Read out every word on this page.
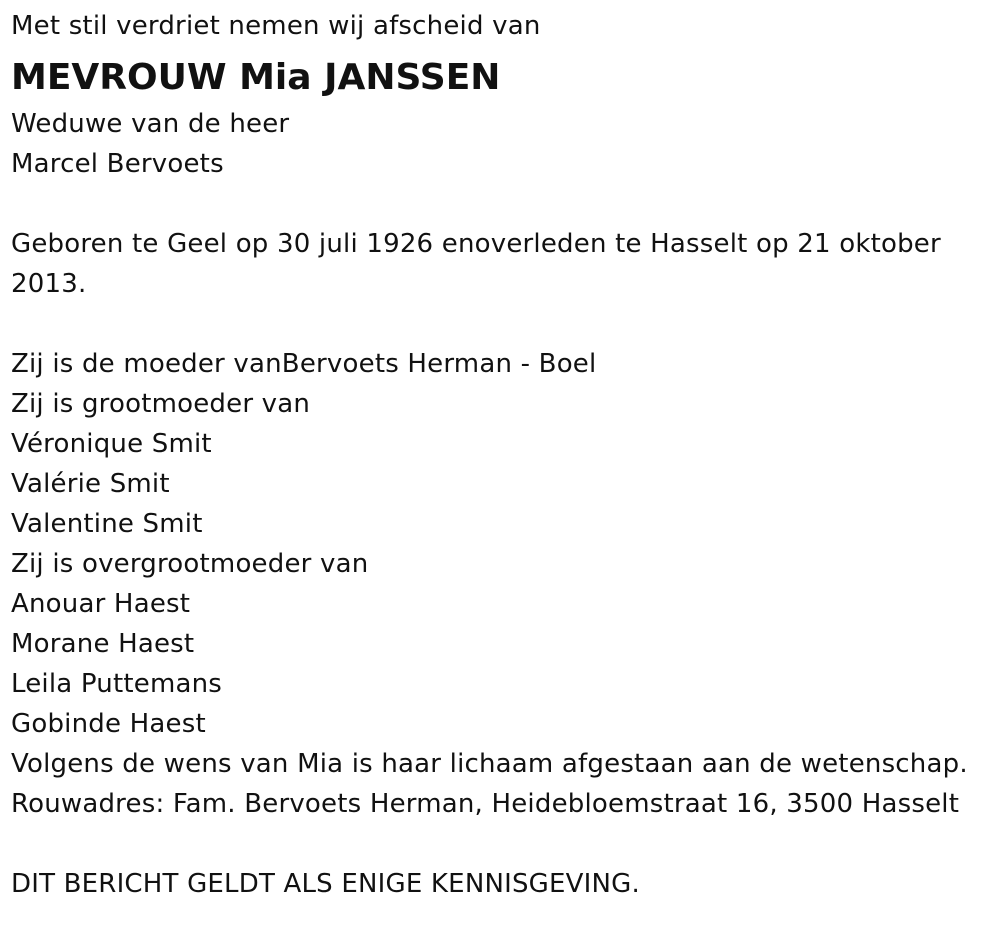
Met stil verdriet nemen wij afscheid van
MEVROUW Mia JANSSEN
Weduwe van de heer
Marcel Bervoets
Geboren te Geel op 30 juli 1926 enoverleden te Hasselt op 21 oktober 2013.
Zij is de moeder vanBervoets Herman - Boel
Zij is grootmoeder van
Véronique Smit
Valérie Smit
Valentine Smit
Zij is overgrootmoeder van
Anouar Haest
Morane Haest
Leila Puttemans
Gobinde Haest
Volgens de wens van Mia is haar lichaam afgestaan aan de wetenschap.
Rouwadres: Fam. Bervoets Herman, Heidebloemstraat 16, 3500 Hasselt
DIT BERICHT GELDT ALS ENIGE KENNISGEVING.
